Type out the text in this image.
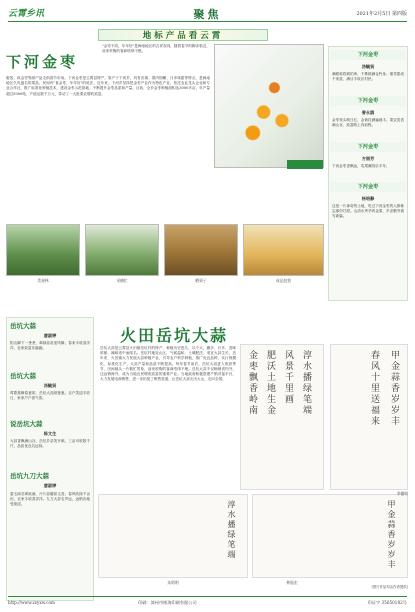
云霄乡讯	聚焦	2021年2月5日 第四版
地标产品看云霄
下河金枣
"金枣不同，年年好"是闽南地区的吉祥祝词，随着春节的脚步临近，前来采购的客商络绎不绝。
蜜饯、咸金枣等副产品走俏春节市场。下河金枣是云霄县特产，原产于下河乡，具有皮薄、果肉细嫩、汁多味甜等特点，是闽南地区久负盛名的果品，民间有"食金枣，年年好"的说法。近年来，下河乡坚持把金枣产业作为特色产业，依托农业龙头企业和专业合作社，推广标准化种植技术，建设金枣示范基地，不断提升金枣品质和产量。目前，全乡金枣种植面积达3000多亩，年产量超过5000吨，产值达数千万元，带动了一大批果农增收致富。
美果林	采摘忙	晒果子	成品包装
下河金枣
汤毓贤
满眼谁将琥珀串，千株缀满金铃身。蜜枣甜成千家富，满目丰收乐村民。
下河金枣
曾永鸥
金枣枝头映日红，金黄挂满遍地丰。果农笑语满山谷，致富路上奔前程。
下河金枣
方丽芳
下河金枣香飘远，瓜果满园乐丰年。
下河金枣
杨培静
这是一片神奇的土地，吃过下河金枣的人都难忘那份甘甜。山清水秀孕育金果，乡亲勤劳谱写新篇。
岳坑大蒜
唐淑婷
阳山脚下一垄垄，翠绿蒜苗迎风舞，春来丰收喜洋洋，农家致富乐融融。
岳坑大蒜
汤毓贤
莺歌燕舞春意浓，岳坑大蒜绿葱葱。农户笑迎丰收日，家家户户喜气浓。
说岳坑大蒜
陈文生
大蒜香飘满山谷，岳坑乡亲笑开颜。三亩可收数千斤，品质优良名远扬。
岳坑九刀大蒜
唐淑婷
碧玉绿茎翠欲滴，片片蒜瓣如玉香。春风吹绿千亩田，农家丰收喜洋洋。九刀大蒜名声远，远销各地受欢迎。
火田岳坑大蒜
岳坑大蒜是云霄县火田镇岳坑村的特产，种植历史悠久，以个大、瓣多、汁多、香味浓郁、辣味适中而闻名。岳坑村地处山区，气候温和，土壤肥沃，适宜大蒜生长。近年来，火田镇大力发展大蒜种植产业，引导农户科学种植，推广优良品种，实行规模化、标准化生产，大蒜产量和品质不断提高。每年春节前后，岳坑大蒜进入收获季节，田间地头一片繁忙景象，前来收购的客商络绎不绝。岳坑大蒜不仅畅销省内外，还远销海外，成为当地农民增收致富的重要产业。当地政府积极搭建产销对接平台，大力发展电商销售，进一步拓宽了销售渠道，让岳坑大蒜走出大山，走向全国。	淳水播绿笔端
风景千里画
肥沃土地生金
金枣飘香岭南	甲金蒜香岁岁丰
春风十里送福来
淳水播绿笔端	甲金蒜香岁岁丰
朱炳明	林振宏
李德明
(图片作品均由作者提供)
http://www.zzyxw.com	印刷：漳州市彬海印刷有限公司	印证字 35650182号
